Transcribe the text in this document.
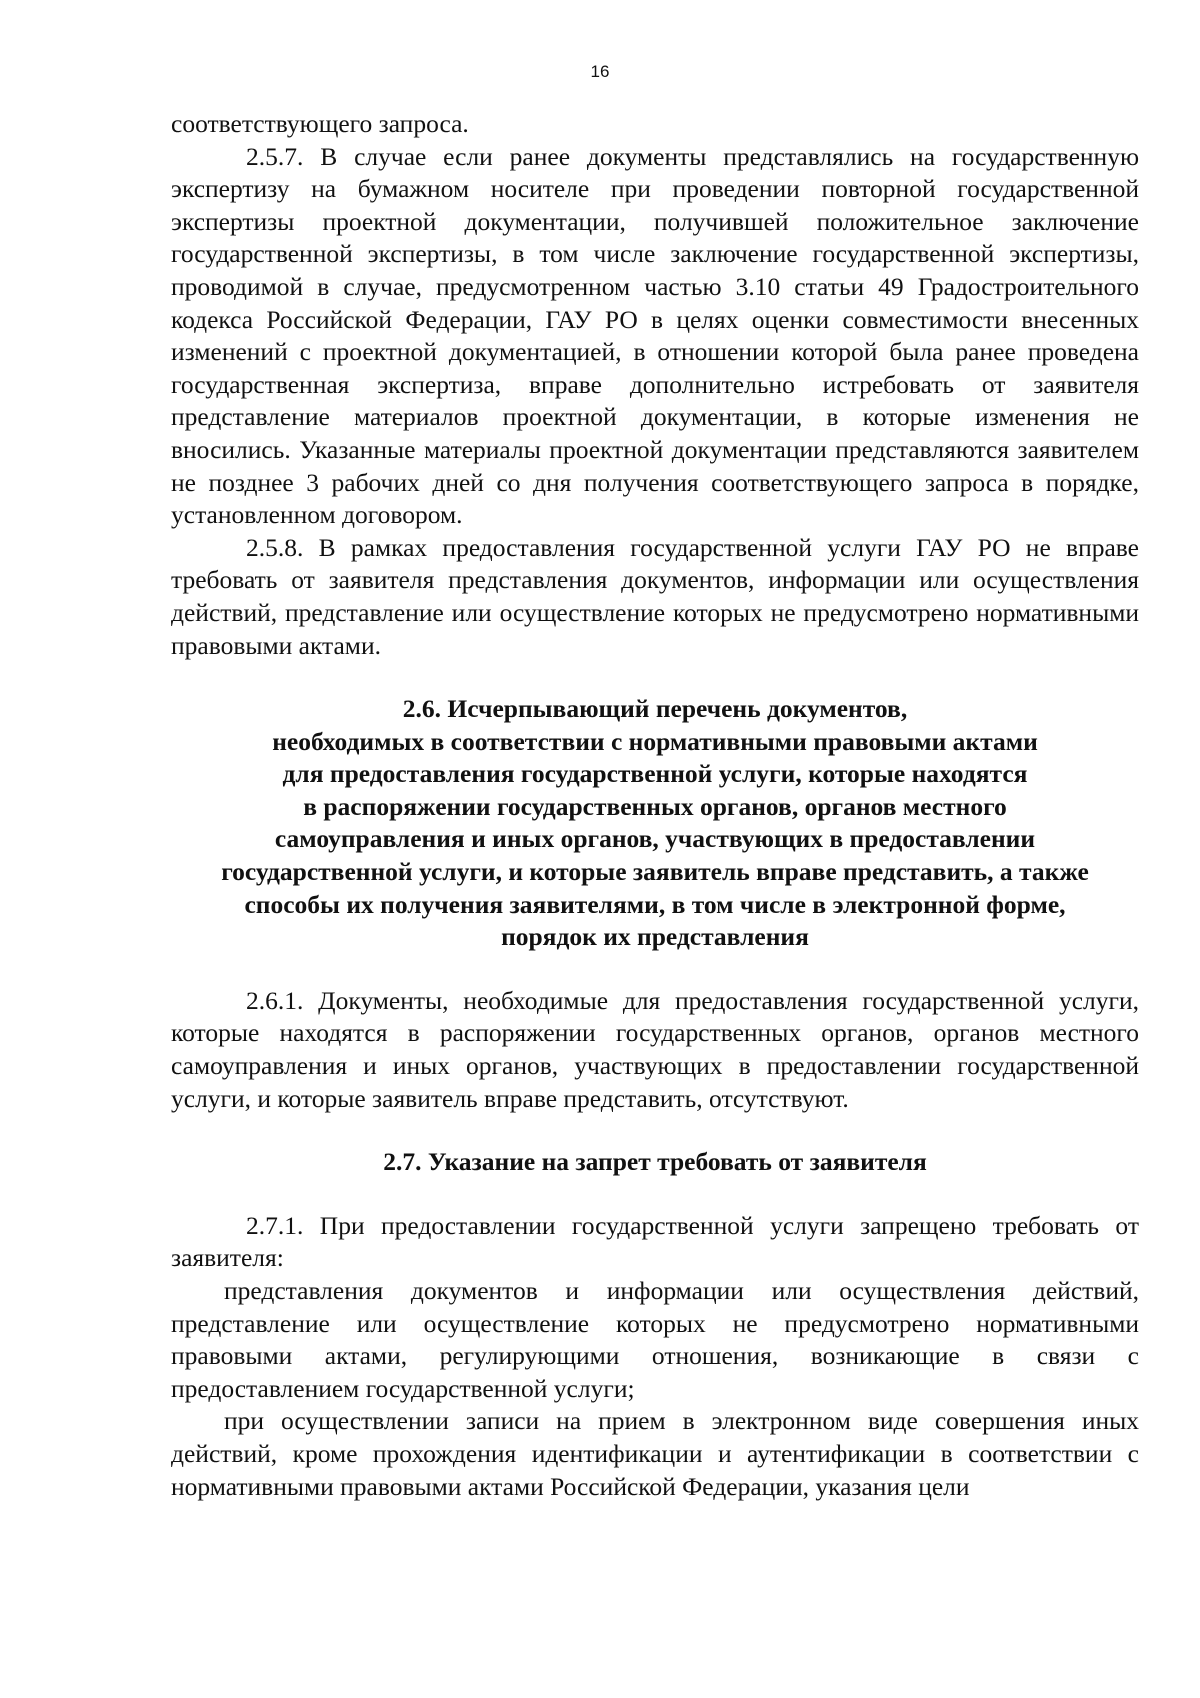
16

соответствующего запроса.

2.5.7. В случае если ранее документы представлялись на государственную экспертизу на бумажном носителе при проведении повторной государственной экспертизы проектной документации, получившей положительное заключение государственной экспертизы, в том числе заключение государственной экспертизы, проводимой в случае, предусмотренном частью 3.10 статьи 49 Градостроительного кодекса Российской Федерации, ГАУ РО в целях оценки совместимости внесенных изменений с проектной документацией, в отношении которой была ранее проведена государственная экспертиза, вправе дополнительно истребовать от заявителя представление материалов проектной документации, в которые изменения не вносились. Указанные материалы проектной документации представляются заявителем не позднее 3 рабочих дней со дня получения соответствующего запроса в порядке, установленном договором.

2.5.8. В рамках предоставления государственной услуги ГАУ РО не вправе требовать от заявителя представления документов, информации или осуществления действий, представление или осуществление которых не предусмотрено нормативными правовыми актами.

2.6. Исчерпывающий перечень документов,
необходимых в соответствии с нормативными правовыми актами
для предоставления государственной услуги, которые находятся
в распоряжении государственных органов, органов местного
самоуправления и иных органов, участвующих в предоставлении
государственной услуги, и которые заявитель вправе представить, а также
способы их получения заявителями, в том числе в электронной форме,
порядок их представления

2.6.1. Документы, необходимые для предоставления государственной услуги, которые находятся в распоряжении государственных органов, органов местного самоуправления и иных органов, участвующих в предоставлении государственной услуги, и которые заявитель вправе представить, отсутствуют.

2.7. Указание на запрет требовать от заявителя

2.7.1. При предоставлении государственной услуги запрещено требовать от заявителя:

представления документов и информации или осуществления действий, представление или осуществление которых не предусмотрено нормативными правовыми актами, регулирующими отношения, возникающие в связи с предоставлением государственной услуги;

при осуществлении записи на прием в электронном виде совершения иных действий, кроме прохождения идентификации и аутентификации в соответствии с нормативными правовыми актами Российской Федерации, указания цели
